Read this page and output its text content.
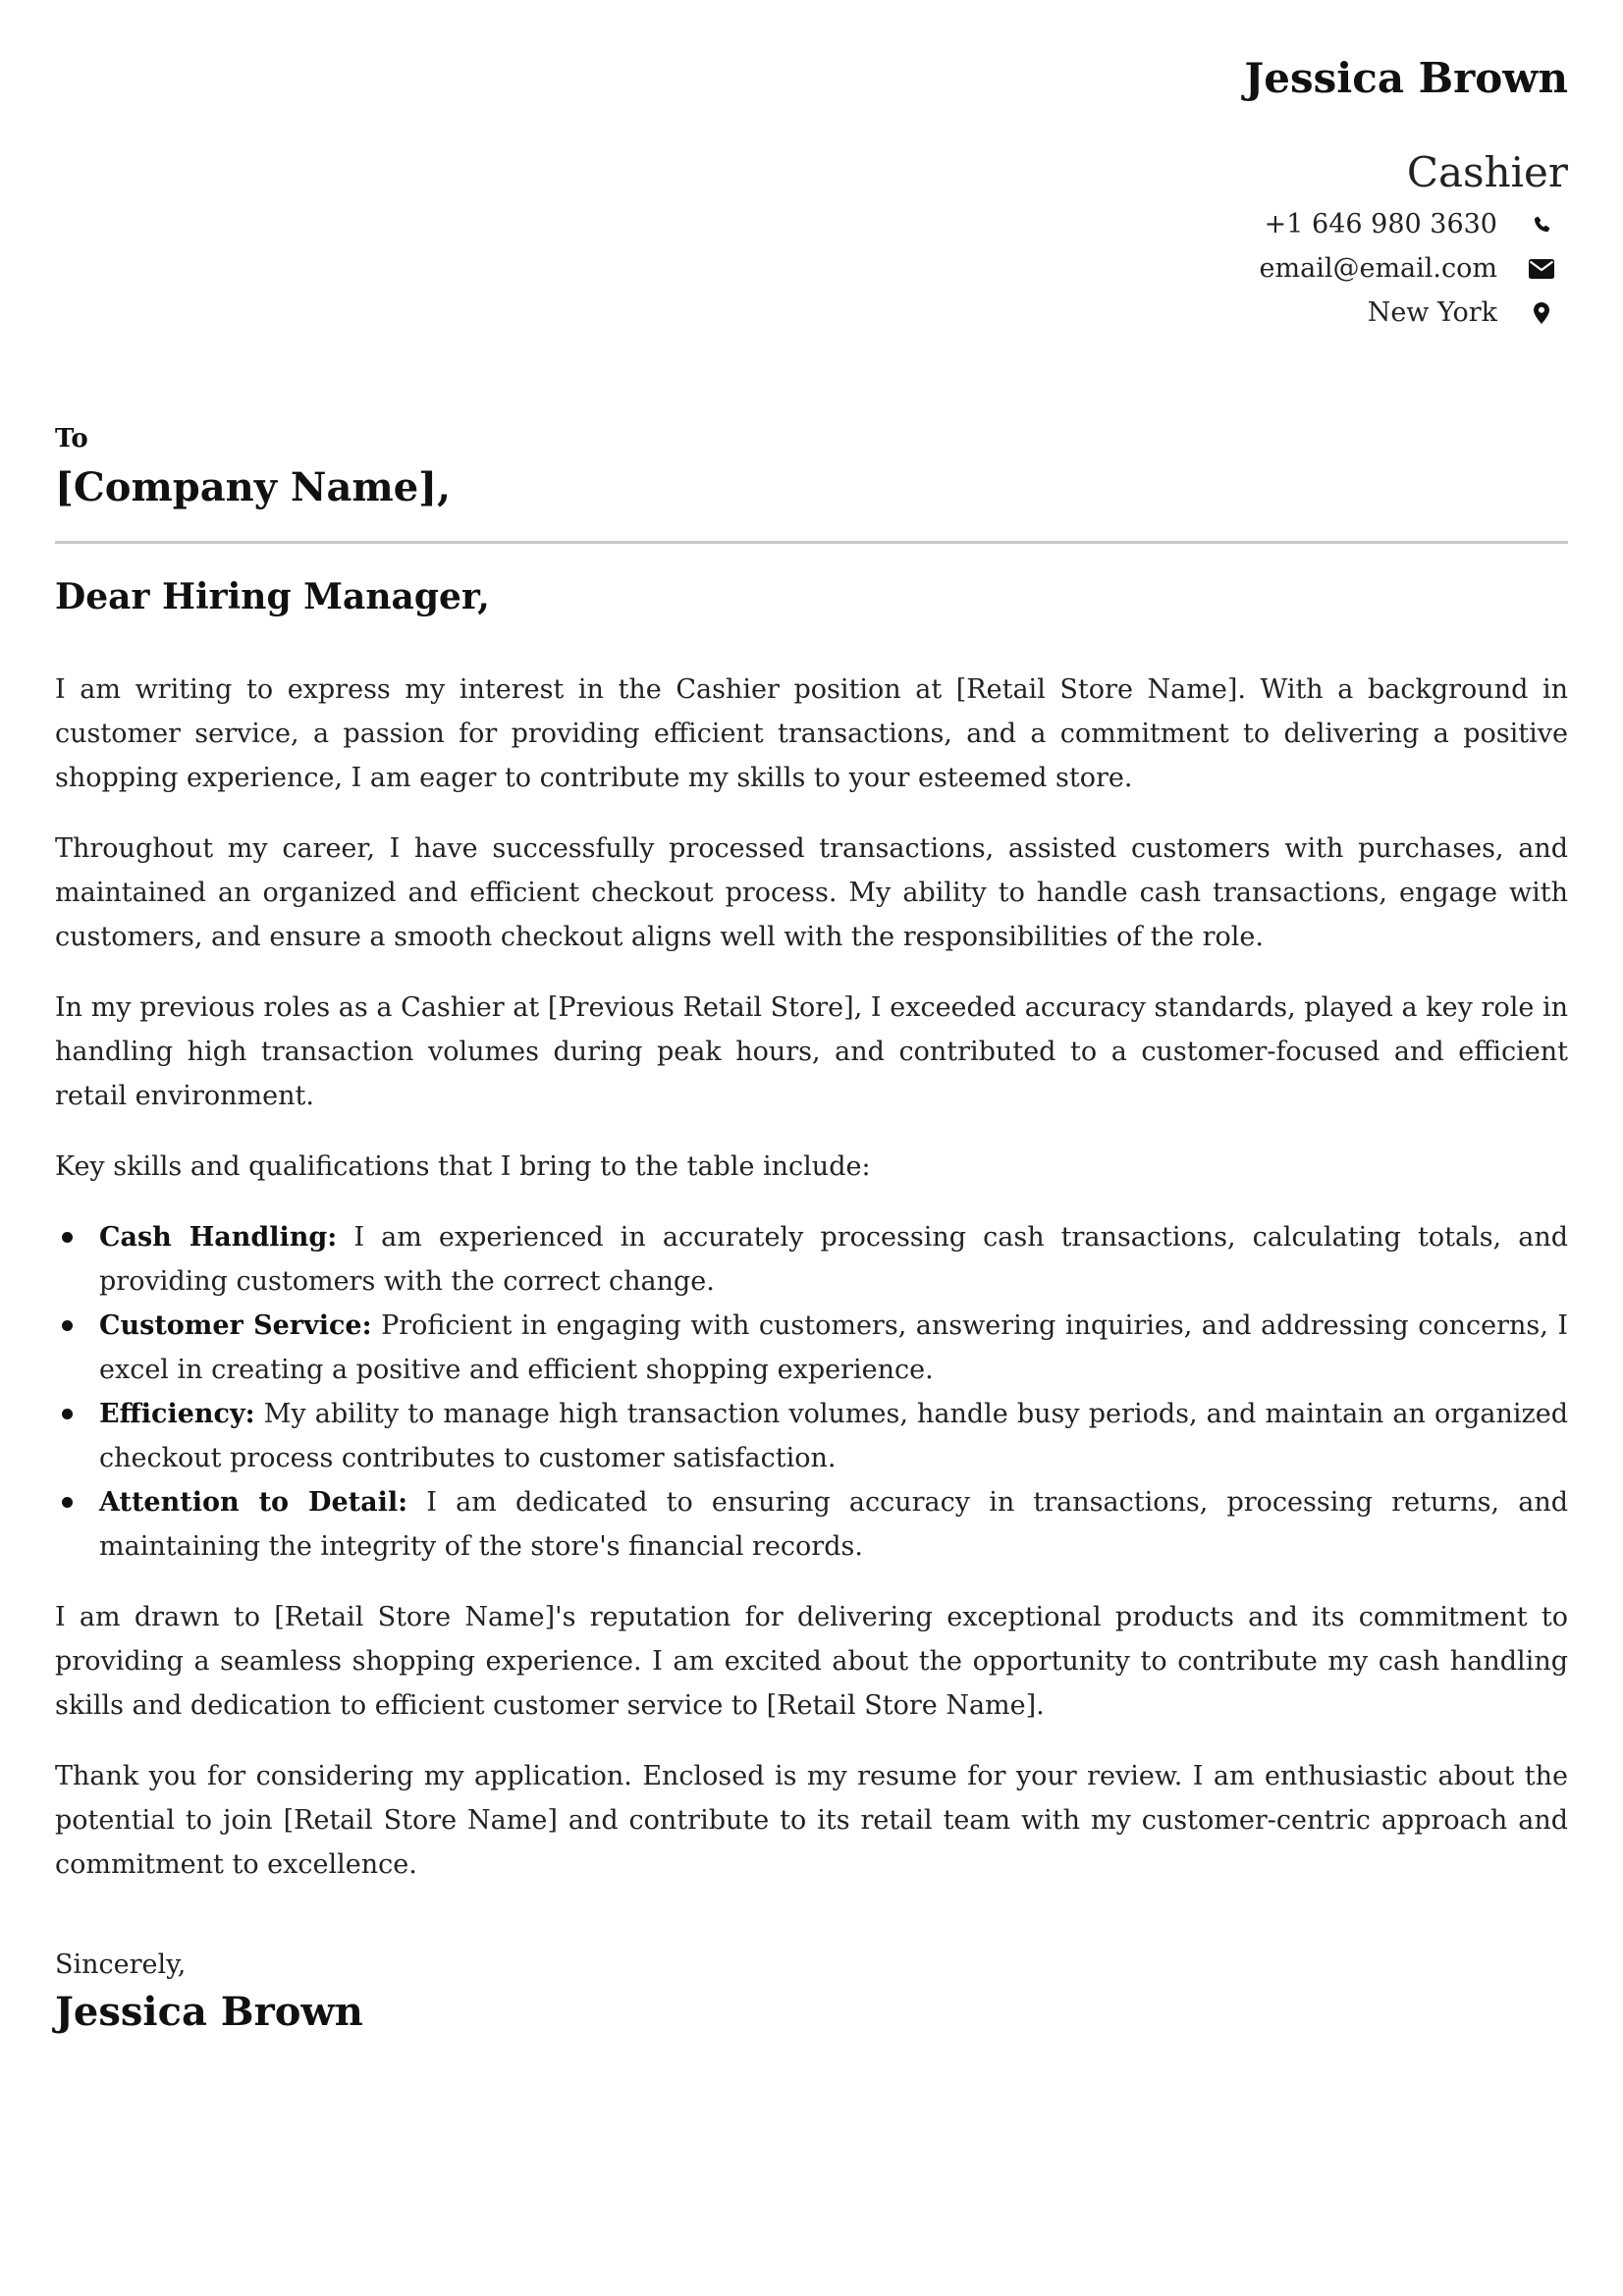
Jessica Brown
Cashier
+1 646 980 3630
email@email.com
New York
To
[Company Name],
Dear Hiring Manager,

I am writing to express my interest in the Cashier position at [Retail Store Name]. With a background in customer service, a passion for providing efficient transactions, and a commitment to delivering a positive shopping experience, I am eager to contribute my skills to your esteemed store.

Throughout my career, I have successfully processed transactions, assisted customers with purchases, and maintained an organized and efficient checkout process. My ability to handle cash transactions, engage with customers, and ensure a smooth checkout aligns well with the responsibilities of the role.

In my previous roles as a Cashier at [Previous Retail Store], I exceeded accuracy standards, played a key role in handling high transaction volumes during peak hours, and contributed to a customer-focused and efficient retail environment.

Key skills and qualifications that I bring to the table include:

Cash Handling: I am experienced in accurately processing cash transactions, calculating totals, and providing customers with the correct change.
Customer Service: Proficient in engaging with customers, answering inquiries, and addressing concerns, I excel in creating a positive and efficient shopping experience.
Efficiency: My ability to manage high transaction volumes, handle busy periods, and maintain an organized checkout process contributes to customer satisfaction.
Attention to Detail: I am dedicated to ensuring accuracy in transactions, processing returns, and maintaining the integrity of the store's financial records.

I am drawn to [Retail Store Name]'s reputation for delivering exceptional products and its commitment to providing a seamless shopping experience. I am excited about the opportunity to contribute my cash handling skills and dedication to efficient customer service to [Retail Store Name].

Thank you for considering my application. Enclosed is my resume for your review. I am enthusiastic about the potential to join [Retail Store Name] and contribute to its retail team with my customer-centric approach and commitment to excellence.

Sincerely,
Jessica Brown
